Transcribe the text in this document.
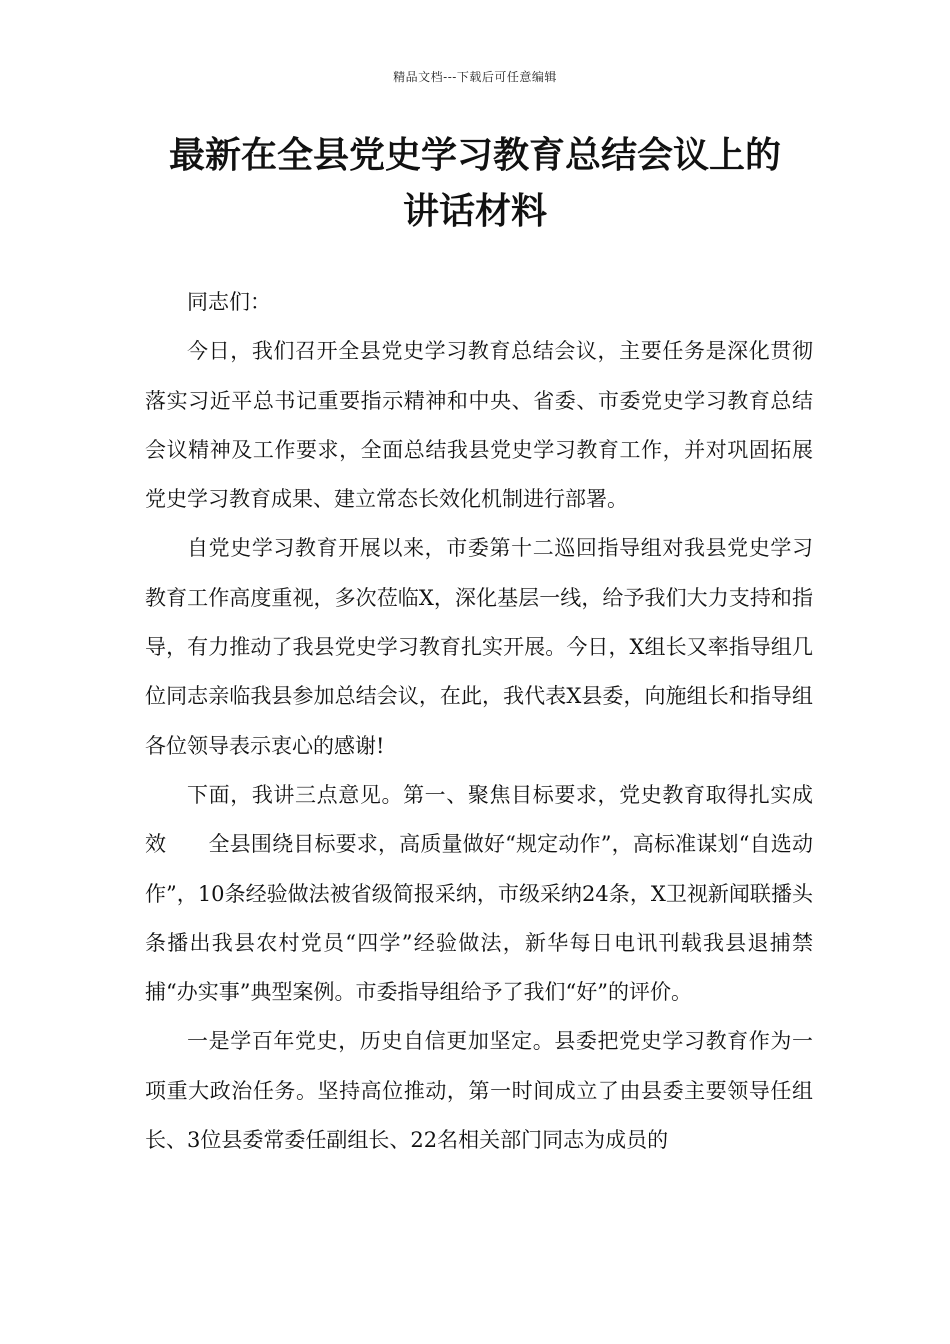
精品文档---下载后可任意编辑
最新在全县党史学习教育总结会议上的
讲话材料

同志们：

今日，我们召开全县党史学习教育总结会议，主要任务是深化贯彻落实习近平总书记重要指示精神和中央、省委、市委党史学习教育总结会议精神及工作要求，全面总结我县党史学习教育工作，并对巩固拓展党史学习教育成果、建立常态长效化机制进行部署。

自党史学习教育开展以来，市委第十二巡回指导组对我县党史学习教育工作高度重视，多次莅临X，深化基层一线，给予我们大力支持和指导，有力推动了我县党史学习教育扎实开展。今日，X组长又率指导组几位同志亲临我县参加总结会议，在此，我代表X县委，向施组长和指导组各位领导表示衷心的感谢!

下面，我讲三点意见。第一、聚焦目标要求，党史教育取得扎实成效　　全县围绕目标要求，高质量做好“规定动作”，高标准谋划“自选动作”，10条经验做法被省级简报采纳，市级采纳24条，X卫视新闻联播头条播出我县农村党员“四学”经验做法，新华每日电讯刊载我县退捕禁捕“办实事”典型案例。市委指导组给予了我们“好”的评价。

一是学百年党史，历史自信更加坚定。县委把党史学习教育作为一项重大政治任务。坚持高位推动，第一时间成立了由县委主要领导任组长、3位县委常委任副组长、22名相关部门同志为成员的
